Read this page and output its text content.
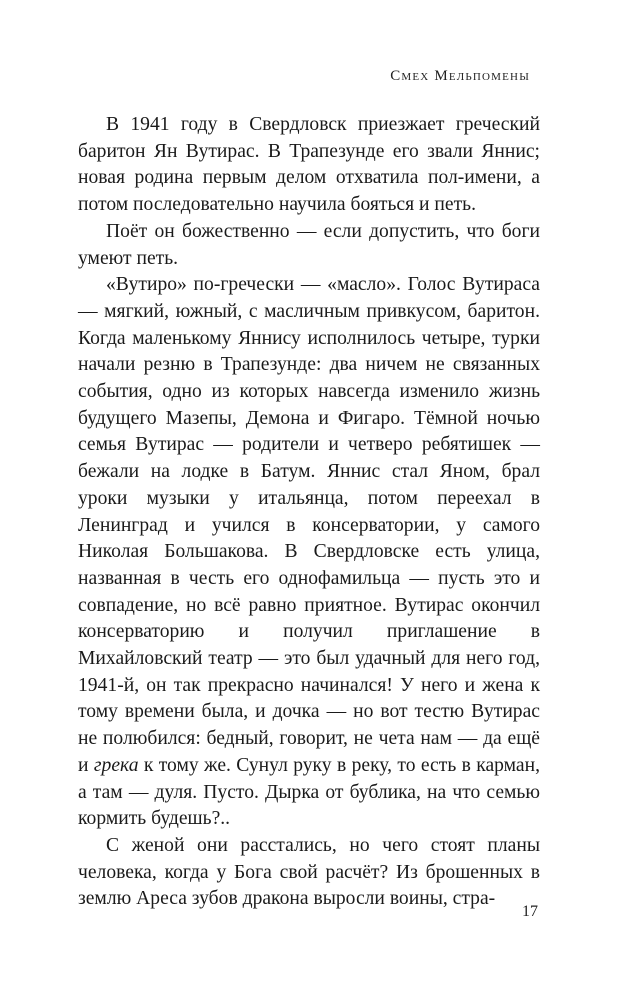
Смех Мельпомены

В 1941 году в Свердловск приезжает греческий баритон Ян Вутирас. В Трапезунде его звали Яннис; новая родина первым делом отхватила пол-имени, а потом последовательно научила бояться и петь.

Поёт он божественно — если допустить, что боги умеют петь.

«Вутиро» по-гречески — «масло». Голос Вутираса — мягкий, южный, с масличным привкусом, баритон. Когда маленькому Яннису исполнилось четыре, турки начали резню в Трапезунде: два ничем не связанных события, одно из которых навсегда изменило жизнь будущего Мазепы, Демона и Фигаро. Тёмной ночью семья Вутирас — родители и четверо ребятишек — бежали на лодке в Батум. Яннис стал Яном, брал уроки музыки у итальянца, потом переехал в Ленинград и учился в консерватории, у самого Николая Большакова. В Свердловске есть улица, названная в честь его однофамильца — пусть это и совпадение, но всё равно приятное. Вутирас окончил консерваторию и получил приглашение в Михайловский театр — это был удачный для него год, 1941-й, он так прекрасно начинался! У него и жена к тому времени была, и дочка — но вот тестю Вутирас не полюбился: бедный, говорит, не чета нам — да ещё и грека к тому же. Сунул руку в реку, то есть в карман, а там — дуля. Пусто. Дырка от бублика, на что семью кормить будешь?..

С женой они расстались, но чего стоят планы человека, когда у Бога свой расчёт? Из брошенных в землю Ареса зубов дракона выросли воины, стра-

17
